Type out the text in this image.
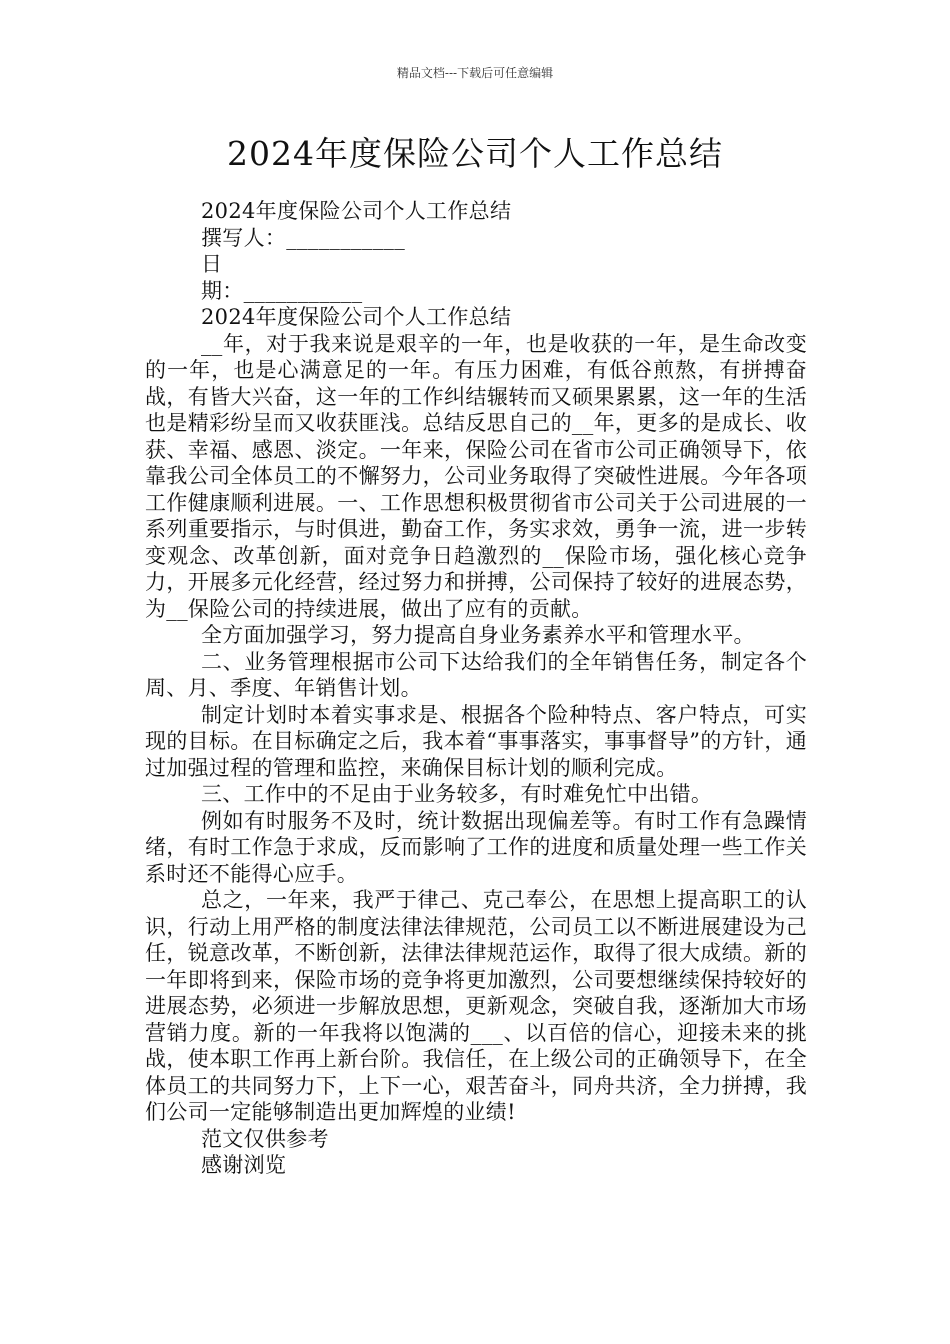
精品文档---下载后可任意编辑
2024年度保险公司个人工作总结

2024年度保险公司个人工作总结

撰写人：___________

日

期：___________

2024年度保险公司个人工作总结

__年，对于我来说是艰辛的一年，也是收获的一年，是生命改变的一年，也是心满意足的一年。有压力困难，有低谷煎熬，有拼搏奋战，有皆大兴奋，这一年的工作纠结辗转而又硕果累累，这一年的生活也是精彩纷呈而又收获匪浅。总结反思自己的__年，更多的是成长、收获、幸福、感恩、淡定。一年来，保险公司在省市公司正确领导下，依靠我公司全体员工的不懈努力，公司业务取得了突破性进展。今年各项工作健康顺利进展。一、工作思想积极贯彻省市公司关于公司进展的一系列重要指示，与时俱进，勤奋工作，务实求效，勇争一流，进一步转变观念、改革创新，面对竞争日趋激烈的__保险市场，强化核心竞争力，开展多元化经营，经过努力和拼搏，公司保持了较好的进展态势，为__保险公司的持续进展，做出了应有的贡献。

全方面加强学习，努力提高自身业务素养水平和管理水平。

二、业务管理根据市公司下达给我们的全年销售任务，制定各个周、月、季度、年销售计划。

制定计划时本着实事求是、根据各个险种特点、客户特点，可实现的目标。在目标确定之后，我本着“事事落实，事事督导”的方针，通过加强过程的管理和监控，来确保目标计划的顺利完成。

三、工作中的不足由于业务较多，有时难免忙中出错。

例如有时服务不及时，统计数据出现偏差等。有时工作有急躁情绪，有时工作急于求成，反而影响了工作的进度和质量处理一些工作关系时还不能得心应手。

总之，一年来，我严于律己、克己奉公，在思想上提高职工的认识，行动上用严格的制度法律法律规范，公司员工以不断进展建设为己任，锐意改革，不断创新，法律法律规范运作，取得了很大成绩。新的一年即将到来，保险市场的竞争将更加激烈，公司要想继续保持较好的进展态势，必须进一步解放思想，更新观念，突破自我，逐渐加大市场营销力度。新的一年我将以饱满的___、以百倍的信心，迎接未来的挑战，使本职工作再上新台阶。我信任，在上级公司的正确领导下，在全体员工的共同努力下，上下一心，艰苦奋斗，同舟共济，全力拼搏，我们公司一定能够制造出更加辉煌的业绩!

范文仅供参考

感谢浏览
